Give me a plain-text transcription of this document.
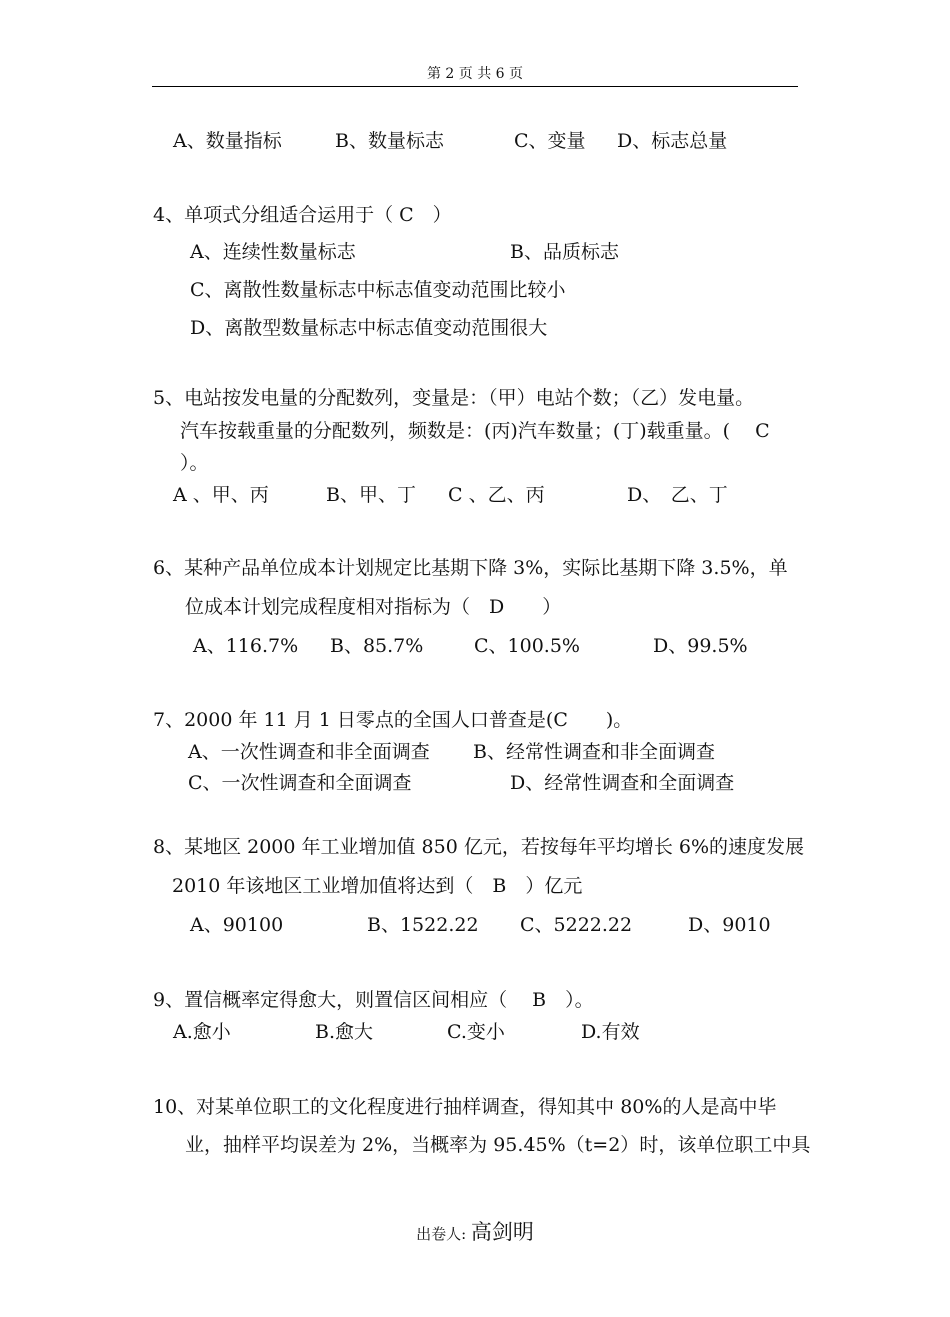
第 2 页 共 6 页
A、数量指标	B、数量标志	C、变量 D、标志总量
4、单项式分组适合运用于（ C　）
A、连续性数量标志	B、品质标志
C、离散性数量标志中标志值变动范围比较小
D、离散型数量标志中标志值变动范围很大
5、电站按发电量的分配数列，变量是：（甲）电站个数；（乙）发电量。
汽车按载重量的分配数列，频数是：(丙)汽车数量；(丁)载重量。(　 C
）。
A 、甲、丙	B、甲、丁 C 、乙、丙	D、　乙、丁
6、某种产品单位成本计划规定比基期下降 3%，实际比基期下降 3.5%，单
位成本计划完成程度相对指标为（　D　　）
A、116.7% B、85.7%	C、100.5%	D、99.5%
7、2000 年 11 月 1 日零点的全国人口普查是(C　　)。
A、一次性调查和非全面调查 B、经常性调查和非全面调查
C、一次性调查和全面调查	D、经常性调查和全面调查
8、某地区 2000 年工业增加值 850 亿元，若按每年平均增长 6%的速度发展
2010 年该地区工业增加值将达到（　B　）亿元
A、90100	B、1522.22 C、5222.22	D、9010
9、置信概率定得愈大，则置信区间相应（　 B　）。
A.愈小	B.愈大	C.变小	D.有效
10、对某单位职工的文化程度进行抽样调查，得知其中 80%的人是高中毕
业，抽样平均误差为 2%，当概率为 95.45%（t=2）时，该单位职工中具
出卷人: 高剑明
